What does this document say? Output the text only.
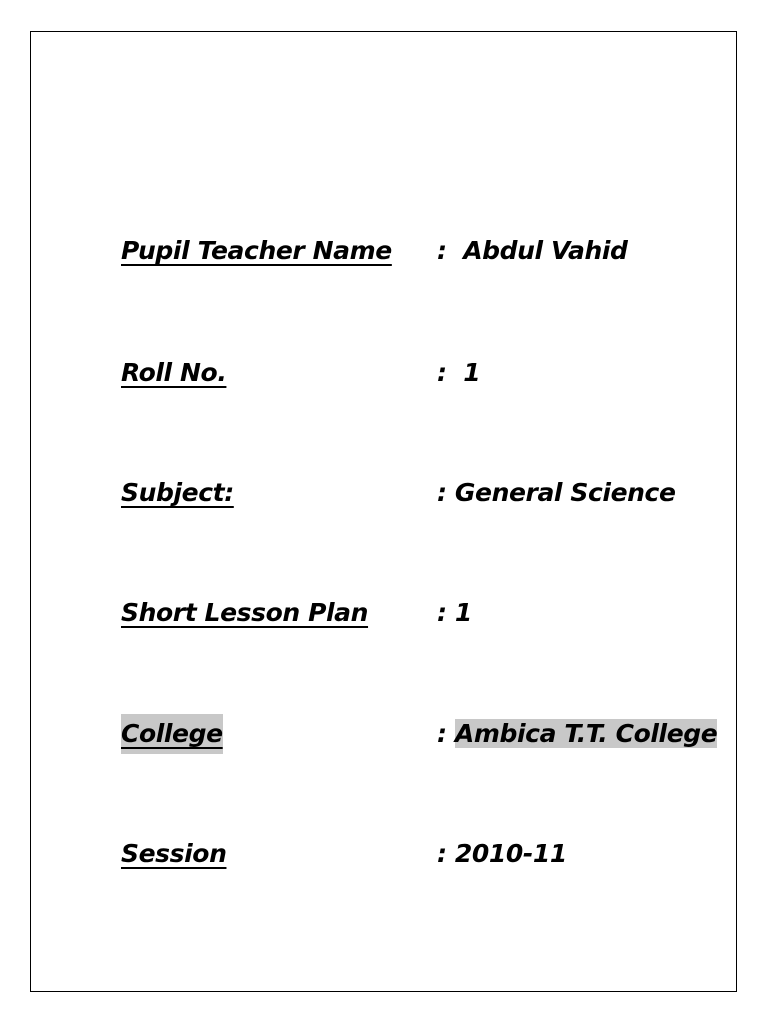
Pupil Teacher Name :  Abdul Vahid
Roll No.	:  1
Subject:	: General Science
Short Lesson Plan	: 1
College	: Ambica T.T. College
Session	: 2010-11
